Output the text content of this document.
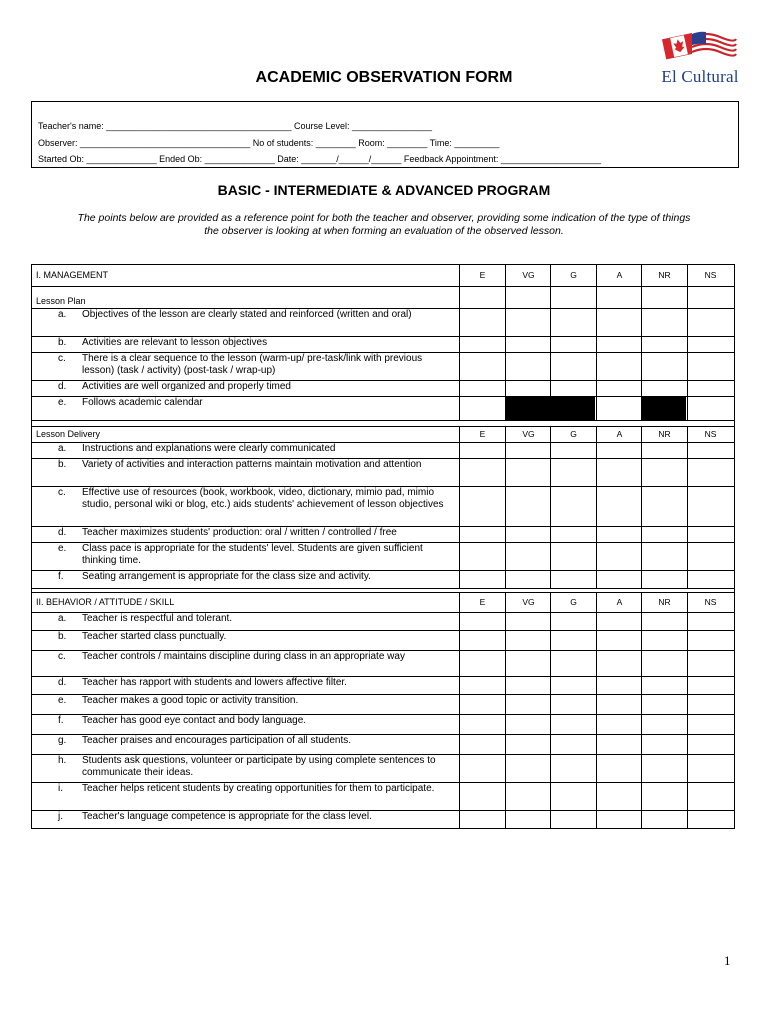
El Cultural
ACADEMIC OBSERVATION FORM
Teacher's name: _____________________________________ Course Level: ________________
Observer: __________________________________ No of students: ________ Room: ________ Time: _________
Started Ob: ______________ Ended Ob: ______________ Date: _______/______/______ Feedback Appointment: ____________________
BASIC - INTERMEDIATE & ADVANCED PROGRAM
The points below are provided as a reference point for both the teacher and observer, providing some indication of the type of things
the observer is looking at when forming an evaluation of the observed lesson.
I. MANAGEMENT	E	VG	G	A	NR	NS
Lesson Plan
a. Objectives of the lesson are clearly stated and reinforced (written and oral)
b. Activities are relevant to lesson objectives
c. There is a clear sequence to the lesson (warm-up/ pre-task/link with previous lesson) (task / activity) (post-task / wrap-up)
d. Activities are well organized and properly timed
e. Follows academic calendar
Lesson Delivery	E	VG	G	A	NR	NS
a. Instructions and explanations were clearly communicated
b. Variety of activities and interaction patterns maintain motivation and attention
c. Effective use of resources (book, workbook, video, dictionary, mimio pad, mimio studio, personal wiki or blog, etc.) aids students' achievement of lesson objectives
d. Teacher maximizes students' production: oral / written / controlled / free
e. Class pace is appropriate for the students' level. Students are given sufficient thinking time.
f. Seating arrangement is appropriate for the class size and activity.
II. BEHAVIOR / ATTITUDE / SKILL	E	VG	G	A	NR	NS
a. Teacher is respectful and tolerant.
b. Teacher started class punctually.
c. Teacher controls / maintains discipline during class in an appropriate way
d. Teacher has rapport with students and lowers affective filter.
e. Teacher makes a good topic or activity transition.
f. Teacher has good eye contact and body language.
g. Teacher praises and encourages participation of all students.
h. Students ask questions, volunteer or participate by using complete sentences to communicate their ideas.
i. Teacher helps reticent students by creating opportunities for them to participate.
j. Teacher's language competence is appropriate for the class level.
1
